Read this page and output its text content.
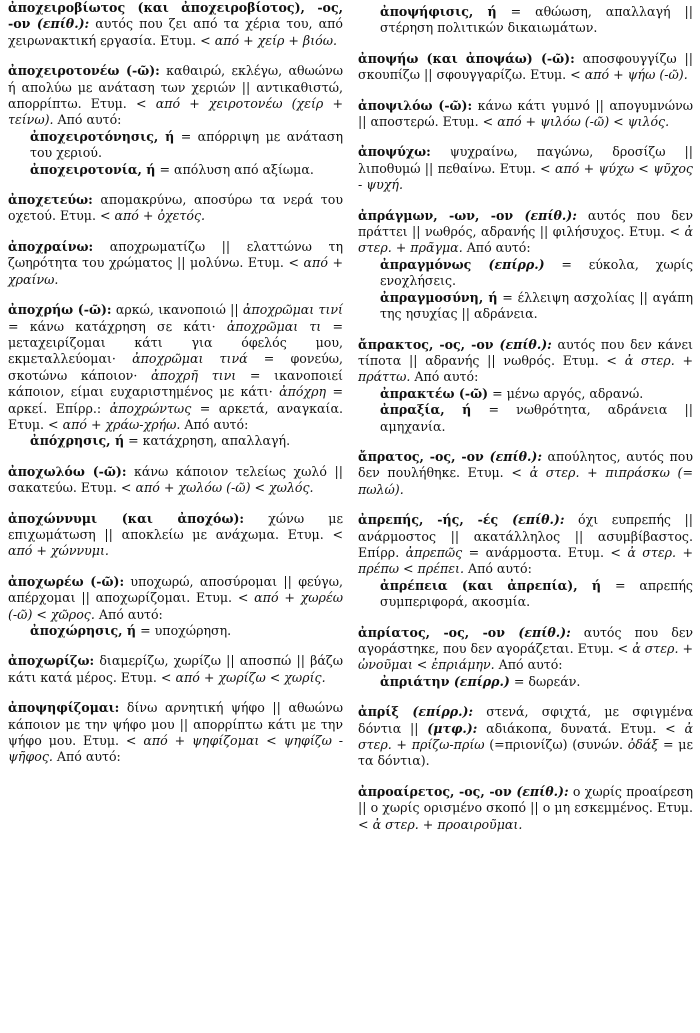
ἀποχειροβίωτος (και ἀποχειροβίοτος), -ος, -ον (επίθ.): αυτός που ζει από τα χέρια του, από χειρωνακτική εργασία. Ετυμ. < από + χείρ + βιόω.
ἀποχειροτονέω (-ῶ): καθαιρώ, εκλέγω, αθωώνω ή απολύω με ανάταση των χεριών || αντικαθιστώ, απορρίπτω. Ετυμ. < από + χειροτονέω (χείρ + τείνω). Από αυτό:
ἀποχειροτόνησις, ή = απόρριψη με ανάταση του χεριού.
ἀποχειροτονία, ή = απόλυση από αξίωμα.
ἀποχετεύω: απομακρύνω, αποσύρω τα νερά του οχετού. Ετυμ. < από + ὀχετός.
ἀποχραίνω: αποχρωματίζω || ελαττώνω τη ζωηρότητα του χρώματος || μολύνω. Ετυμ. < από + χραίνω.
ἀποχρήω (-ῶ): αρκώ, ικανοποιώ || ἀποχρῶμαι τινί = κάνω κατάχρηση σε κάτι· ἀποχρῶμαι τι = μεταχειρίζομαι κάτι για όφελός μου, εκμεταλλεύομαι· ἀποχρῶμαι τινά = φονεύω, σκοτώνω κάποιον· ἀποχρῆ τινι = ικανοποιεί κάποιον, είμαι ευχαριστημένος με κάτι· ἀπόχρη = αρκεί. Επίρρ.: ἀποχρώντως = αρκετά, αναγκαία. Ετυμ. < από + χράω-χρήω. Από αυτό:
ἀπόχρησις, ή = κατάχρηση, απαλλαγή.
ἀποχωλόω (-ῶ): κάνω κάποιον τελείως χωλό || σακατεύω. Ετυμ. < από + χωλόω (-ῶ) < χωλός.
ἀποχώννυμι (και ἀποχόω): χώνω με επιχωμάτωση || αποκλείω με ανάχωμα. Ετυμ. < από + χώννυμι.
ἀποχωρέω (-ῶ): υποχωρώ, αποσύρομαι || φεύγω, απέρχομαι || αποχωρίζομαι. Ετυμ. < από + χωρέω (-ῶ) < χῶρος. Από αυτό:
ἀποχώρησις, ή = υποχώρηση.
ἀποχωρίζω: διαμερίζω, χωρίζω || αποσπώ || βάζω κάτι κατά μέρος. Ετυμ. < από + χωρίζω < χωρίς.
ἀποψηφίζομαι: δίνω αρνητική ψήφο || αθωώνω κάποιον με την ψήφο μου || απορρίπτω κάτι με την ψήφο μου. Ετυμ. < από + ψηφίζομαι < ψηφίζω - ψῆφος. Από αυτό:
ἀποψήφισις, ή = αθώωση, απαλλαγή || στέρηση πολιτικών δικαιωμάτων.
ἀποψήω (και ἀποψάω) (-ῶ): αποσφουγγίζω || σκουπίζω || σφουγγαρίζω. Ετυμ. < από + ψήω (-ῶ).
ἀποψιλόω (-ῶ): κάνω κάτι γυμνό || απογυμνώνω || αποστερώ. Ετυμ. < από + ψιλόω (-ῶ) < ψιλός.
ἀποψύχω: ψυχραίνω, παγώνω, δροσίζω || λιποθυμώ || πεθαίνω. Ετυμ. < από + ψύχω < ψῦχος - ψυχή.
ἀπράγμων, -ων, -ον (επίθ.): αυτός που δεν πράττει || νωθρός, αδρανής || φιλήσυχος. Ετυμ. < ἀ στερ. + πρᾶγμα. Από αυτό:
ἀπραγμόνως (επίρρ.) = εύκολα, χωρίς ενοχλήσεις.
ἀπραγμοσύνη, ή = έλλειψη ασχολίας || αγάπη της ησυχίας || αδράνεια.
ἄπρακτος, -ος, -ον (επίθ.): αυτός που δεν κάνει τίποτα || αδρανής || νωθρός. Ετυμ. < ἀ στερ. + πράττω. Από αυτό:
ἀπρακτέω (-ῶ) = μένω αργός, αδρανώ.
ἀπραξία, ή = νωθρότητα, αδράνεια || αμηχανία.
ἄπρατος, -ος, -ον (επίθ.): απούλητος, αυτός που δεν πουλήθηκε. Ετυμ. < ἀ στερ. + πιπράσκω (= πωλώ).
ἀπρεπής, -ής, -ές (επίθ.): όχι ευπρεπής || ανάρμοστος || ακατάλληλος || ασυμβίβαστος. Επίρρ. ἀπρεπῶς = ανάρμοστα. Ετυμ. < ἀ στερ. + πρέπω < πρέπει. Από αυτό:
ἀπρέπεια (και ἀπρεπία), ή = απρεπής συμπεριφορά, ακοσμία.
ἀπρίατος, -ος, -ον (επίθ.): αυτός που δεν αγοράστηκε, που δεν αγοράζεται. Ετυμ. < ἀ στερ. + ὠνοῦμαι < ἐπριάμην. Από αυτό:
ἀπριάτην (επίρρ.) = δωρεάν.
ἀπρίξ (επίρρ.): στενά, σφιχτά, με σφιγμένα δόντια || (μτφ.): αδιάκοπα, δυνατά. Ετυμ. < ἀ στερ. + πρίζω-πρίω (=πριονίζω) (συνών. ὀδάξ = με τα δόντια).
ἀπροαίρετος, -ος, -ον (επίθ.): ο χωρίς προαίρεση || ο χωρίς ορισμένο σκοπό || ο μη εσκεμμένος. Ετυμ. < ἀ στερ. + προαιροῦμαι.
